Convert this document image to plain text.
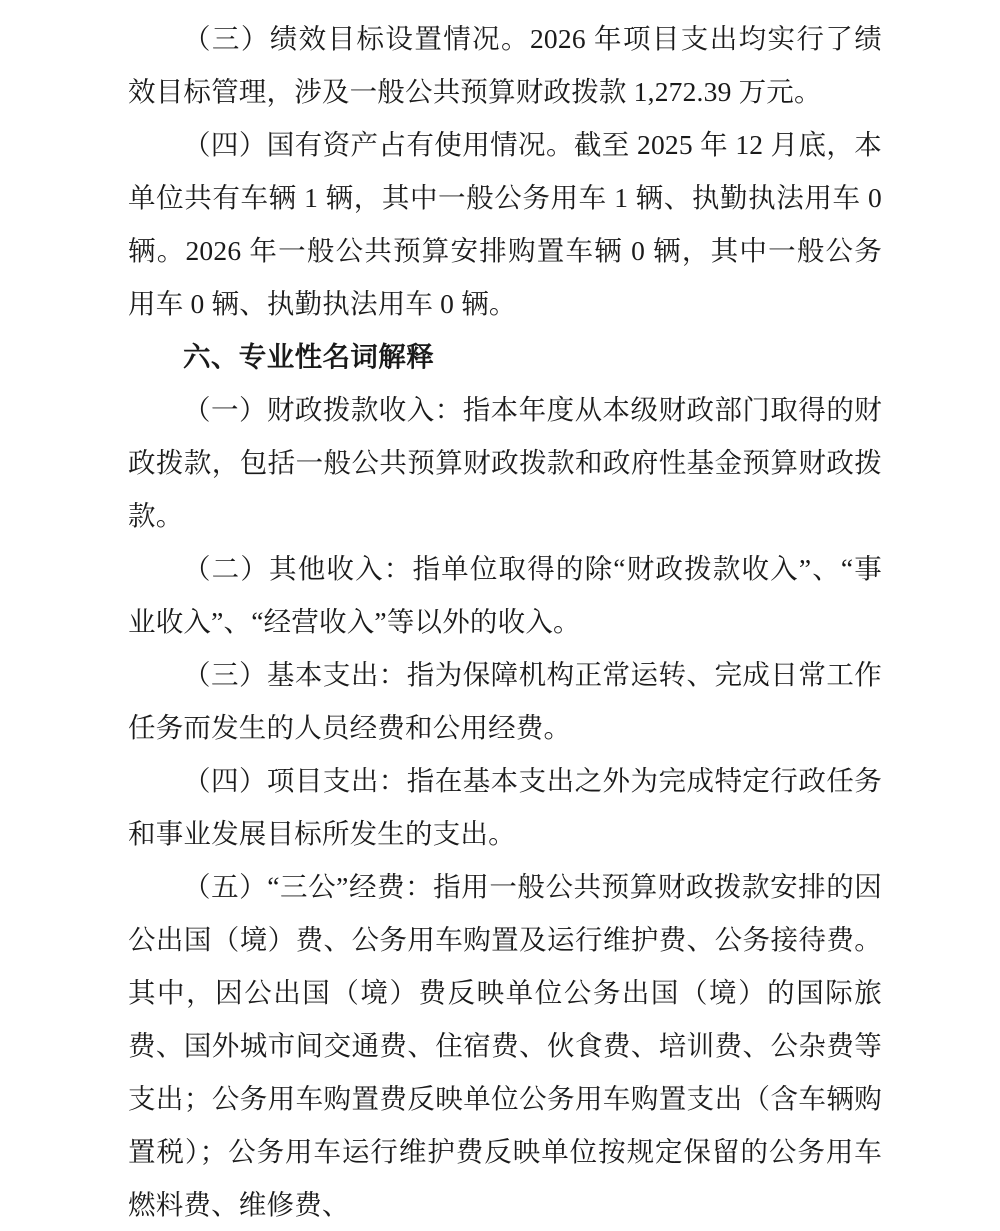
（三）绩效目标设置情况。2026 年项目支出均实行了绩效目标管理，涉及一般公共预算财政拨款 1,272.39 万元。

（四）国有资产占有使用情况。截至 2025 年 12 月底，本单位共有车辆 1 辆，其中一般公务用车 1 辆、执勤执法用车 0 辆。2026 年一般公共预算安排购置车辆 0 辆，其中一般公务用车 0 辆、执勤执法用车 0 辆。

六、专业性名词解释

（一）财政拨款收入：指本年度从本级财政部门取得的财政拨款，包括一般公共预算财政拨款和政府性基金预算财政拨款。

（二）其他收入：指单位取得的除“财政拨款收入”、“事业收入”、“经营收入”等以外的收入。

（三）基本支出：指为保障机构正常运转、完成日常工作任务而发生的人员经费和公用经费。

（四）项目支出：指在基本支出之外为完成特定行政任务和事业发展目标所发生的支出。

（五）“三公”经费：指用一般公共预算财政拨款安排的因公出国（境）费、公务用车购置及运行维护费、公务接待费。其中，因公出国（境）费反映单位公务出国（境）的国际旅费、国外城市间交通费、住宿费、伙食费、培训费、公杂费等支出；公务用车购置费反映单位公务用车购置支出（含车辆购置税）；公务用车运行维护费反映单位按规定保留的公务用车燃料费、维修费、
